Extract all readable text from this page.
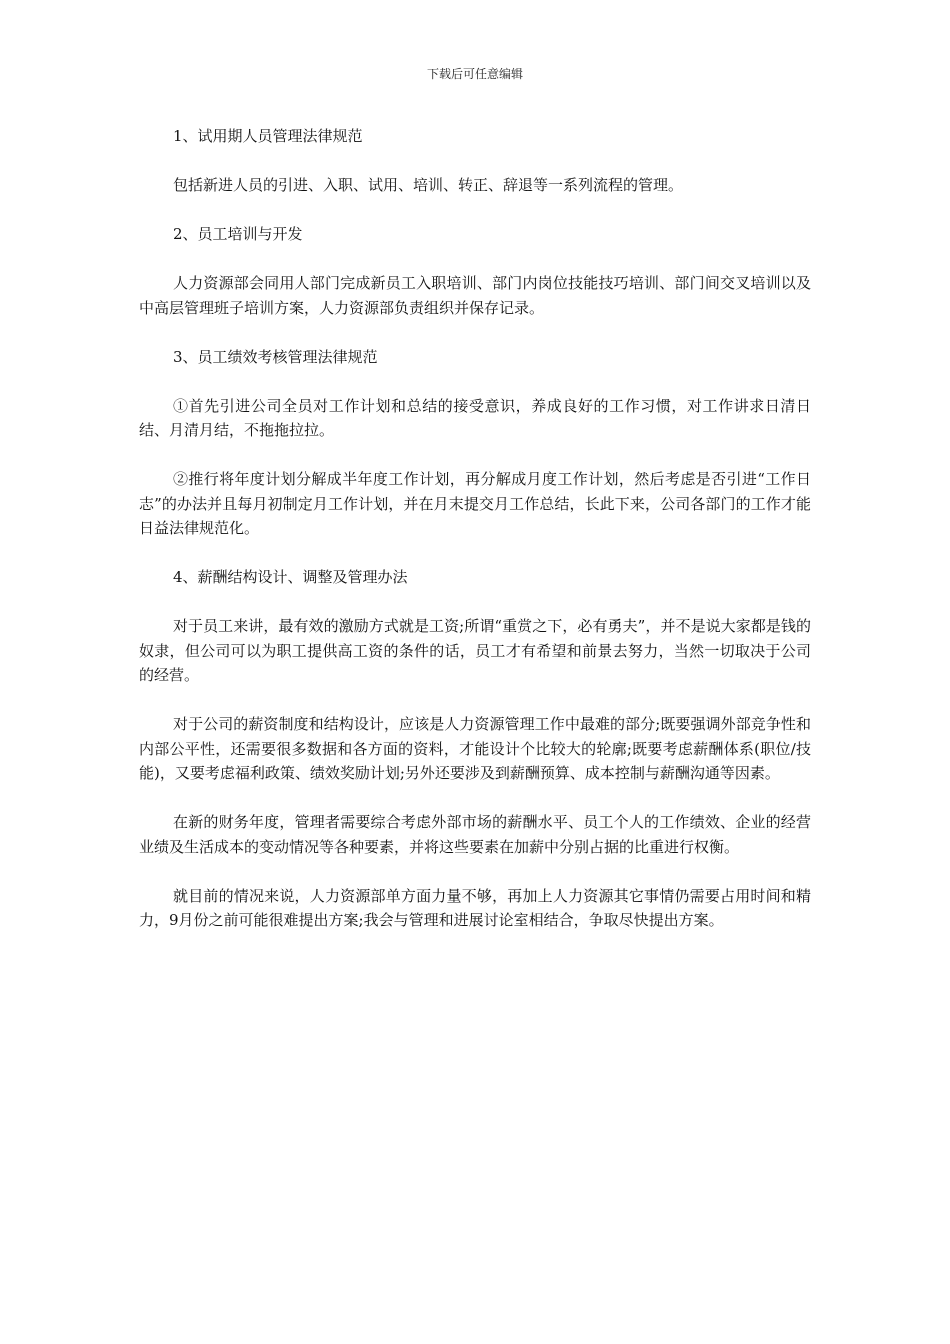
下载后可任意编辑

1、试用期人员管理法律规范

包括新进人员的引进、入职、试用、培训、转正、辞退等一系列流程的管理。

2、员工培训与开发

人力资源部会同用人部门完成新员工入职培训、部门内岗位技能技巧培训、部门间交叉培训以及中高层管理班子培训方案，人力资源部负责组织并保存记录。

3、员工绩效考核管理法律规范

①首先引进公司全员对工作计划和总结的接受意识，养成良好的工作习惯，对工作讲求日清日结、月清月结，不拖拖拉拉。

②推行将年度计划分解成半年度工作计划，再分解成月度工作计划，然后考虑是否引进“工作日志”的办法并且每月初制定月工作计划，并在月末提交月工作总结，长此下来，公司各部门的工作才能日益法律规范化。

4、薪酬结构设计、调整及管理办法

对于员工来讲，最有效的激励方式就是工资;所谓“重赏之下，必有勇夫”，并不是说大家都是钱的奴隶，但公司可以为职工提供高工资的条件的话，员工才有希望和前景去努力，当然一切取决于公司的经营。

对于公司的薪资制度和结构设计，应该是人力资源管理工作中最难的部分;既要强调外部竞争性和内部公平性，还需要很多数据和各方面的资料，才能设计个比较大的轮廓;既要考虑薪酬体系(职位/技能)，又要考虑福利政策、绩效奖励计划;另外还要涉及到薪酬预算、成本控制与薪酬沟通等因素。

在新的财务年度，管理者需要综合考虑外部市场的薪酬水平、员工个人的工作绩效、企业的经营业绩及生活成本的变动情况等各种要素，并将这些要素在加薪中分别占据的比重进行权衡。

就目前的情况来说，人力资源部单方面力量不够，再加上人力资源其它事情仍需要占用时间和精力，9月份之前可能很难提出方案;我会与管理和进展讨论室相结合，争取尽快提出方案。
